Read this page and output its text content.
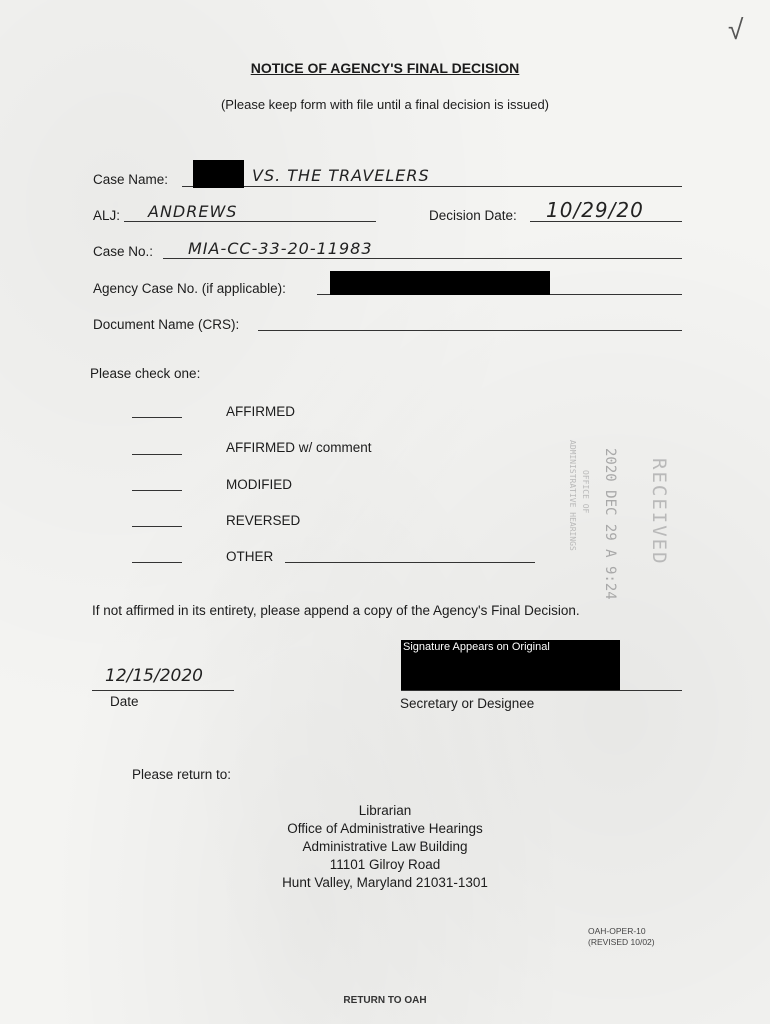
√
NOTICE OF AGENCY'S FINAL DECISION
(Please keep form with file until a final decision is issued)
Case Name:	VS. THE TRAVELERS
ALJ: ANDREWS	Decision Date: 10/29/20
Case No.: MIA-CC-33-20-11983
Agency Case No. (if applicable):
Document Name (CRS):
Please check one:
AFFIRMED
AFFIRMED w/ comment
MODIFIED
REVERSED
OTHER	RECEIVED
2020 DEC 29 A 9:24
OFFICE OF
ADMINISTRATIVE HEARINGS
If not affirmed in its entirety, please append a copy of the Agency's Final Decision.
12/15/2020
Date
Signature Appears on Original
Secretary or Designee
Please return to:
Librarian
Office of Administrative Hearings
Administrative Law Building
11101 Gilroy Road
Hunt Valley, Maryland 21031-1301
OAH-OPER-10
(REVISED 10/02)
RETURN TO OAH
